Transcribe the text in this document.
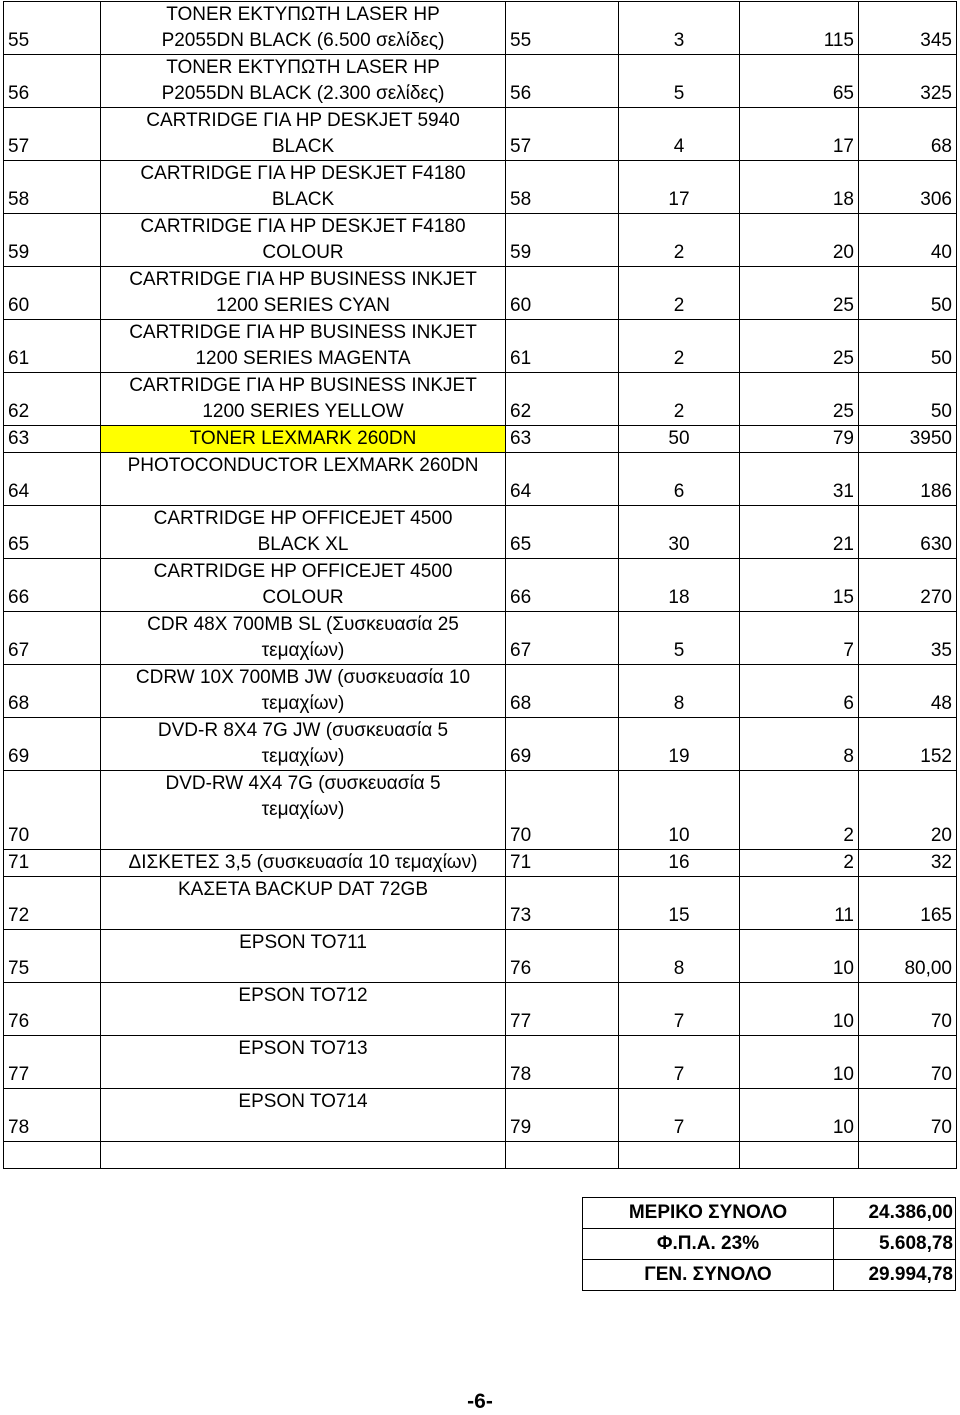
55	TONER ΕΚΤΥΠΩΤΗ LASER HP
P2055DN BLACK (6.500 σελίδες)	55	3	115	345
56	TONER ΕΚΤΥΠΩΤΗ LASER HP
P2055DN BLACK (2.300 σελίδες)	56	5	65	325
57	CARTRIDGE ΓΙΑ HP DESKJET 5940
BLACK	57	4	17	68
58	CARTRIDGE ΓΙΑ HP DESKJET F4180
BLACK	58	17	18	306
59	CARTRIDGE ΓΙΑ HP DESKJET F4180
COLOUR	59	2	20	40
60	CARTRIDGE ΓΙΑ HP BUSINESS INKJET
1200 SERIES CYAN	60	2	25	50
61	CARTRIDGE ΓΙΑ HP BUSINESS INKJET
1200 SERIES MAGENTA	61	2	25	50
62	CARTRIDGE ΓΙΑ HP BUSINESS INKJET
1200 SERIES YELLOW	62	2	25	50
63	TONER LEXMARK 260DN	63	50	79	3950
64	PHOTOCONDUCTOR LEXMARK 260DN	64	6	31	186
65	CARTRIDGE HP OFFICEJET 4500
BLACK XL	65	30	21	630
66	CARTRIDGE HP OFFICEJET 4500
COLOUR	66	18	15	270
67	CDR 48X 700MB SL (Συσκευασία 25
τεμαχίων)	67	5	7	35
68	CDRW 10X 700MB JW (συσκευασία 10
τεμαχίων)	68	8	6	48
69	DVD-R 8X4 7G JW (συσκευασία 5
τεμαχίων)	69	19	8	152
70	DVD-RW 4X4 7G (συσκευασία 5
τεμαχίων)	70	10	2	20
71	ΔΙΣΚΕΤΕΣ 3,5 (συσκευασία 10 τεμαχίων)	71	16	2	32
72	ΚΑΣΕΤΑ BACKUP DAT 72GB	73	15	11	165
75	EPSON TO711	76	8	10	80,00
76	EPSON TO712	77	7	10	70
77	EPSON TO713	78	7	10	70
78	EPSON TO714	79	7	10	70

ΜΕΡΙΚΟ ΣΥΝΟΛΟ	24.386,00
Φ.Π.Α. 23%	5.608,78
ΓΕΝ. ΣΥΝΟΛΟ	29.994,78
-6-
